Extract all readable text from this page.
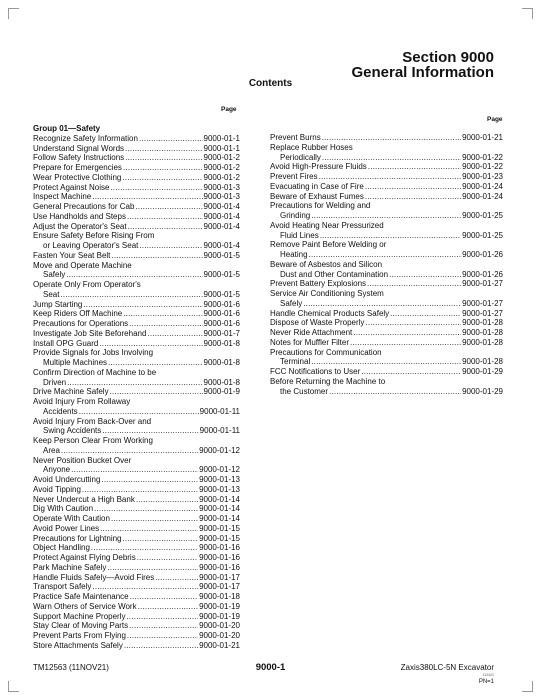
Section 9000
General Information
Contents
Page
Page
Group 01—Safety
Recognize Safety Information .....	9000-01-1
Understand Signal Words .....	9000-01-1
Follow Safety Instructions .....	9000-01-2
Prepare for Emergencies .....	9000-01-2
Wear Protective Clothing .....	9000-01-2
Protect Against Noise .....	9000-01-3
Inspect Machine .....	9000-01-3
General Precautions for Cab .....	9000-01-4
Use Handholds and Steps .....	9000-01-4
Adjust the Operator's Seat .....	9000-01-4
Ensure Safety Before Rising From
or Leaving Operator's Seat .....	9000-01-4
Fasten Your Seat Belt .....	9000-01-5
Move and Operate Machine
Safely .....	9000-01-5
Operate Only From Operator's
Seat .....	9000-01-5
Jump Starting .....	9000-01-6
Keep Riders Off Machine .....	9000-01-6
Precautions for Operations .....	9000-01-6
Investigate Job Site Beforehand .....	9000-01-7
Install OPG Guard .....	9000-01-8
Provide Signals for Jobs Involving
Multiple Machines .....	9000-01-8
Confirm Direction of Machine to be
Driven .....	9000-01-8
Drive Machine Safely .....	9000-01-9
Avoid Injury From Rollaway
Accidents .....	9000-01-11
Avoid Injury From Back-Over and
Swing Accidents .....	9000-01-11
Keep Person Clear From Working
Area .....	9000-01-12
Never Position Bucket Over
Anyone .....	9000-01-12
Avoid Undercutting .....	9000-01-13
Avoid Tipping .....	9000-01-13
Never Undercut a High Bank .....	9000-01-14
Dig With Caution .....	9000-01-14
Operate With Caution .....	9000-01-14
Avoid Power Lines .....	9000-01-15
Precautions for Lightning .....	9000-01-15
Object Handling .....	9000-01-16
Protect Against Flying Debris .....	9000-01-16
Park Machine Safely .....	9000-01-16
Handle Fluids Safely—Avoid Fires .....	9000-01-17
Transport Safely .....	9000-01-17
Practice Safe Maintenance .....	9000-01-18
Warn Others of Service Work .....	9000-01-19
Support Machine Properly .....	9000-01-19
Stay Clear of Moving Parts .....	9000-01-20
Prevent Parts From Flying .....	9000-01-20
Store Attachments Safely .....	9000-01-21
Prevent Burns .....	9000-01-21
Replace Rubber Hoses
Periodically .....	9000-01-22
Avoid High-Pressure Fluids .....	9000-01-22
Prevent Fires .....	9000-01-23
Evacuating in Case of Fire .....	9000-01-24
Beware of Exhaust Fumes .....	9000-01-24
Precautions for Welding and
Grinding .....	9000-01-25
Avoid Heating Near Pressurized
Fluid Lines .....	9000-01-25
Remove Paint Before Welding or
Heating .....	9000-01-26
Beware of Asbestos and Silicon
Dust and Other Contamination .....	9000-01-26
Prevent Battery Explosions .....	9000-01-27
Service Air Conditioning System
Safely .....	9000-01-27
Handle Chemical Products Safely .....	9000-01-27
Dispose of Waste Properly .....	9000-01-28
Never Ride Attachment .....	9000-01-28
Notes for Muffler Filter .....	9000-01-28
Precautions for Communication
Terminal .....	9000-01-28
FCC Notifications to User .....	9000-01-29
Before Returning the Machine to
the Customer .....	9000-01-29
TM12563 (11NOV21)	9000-1	Zaxis380LC-5N Excavator
112421
PN=1
